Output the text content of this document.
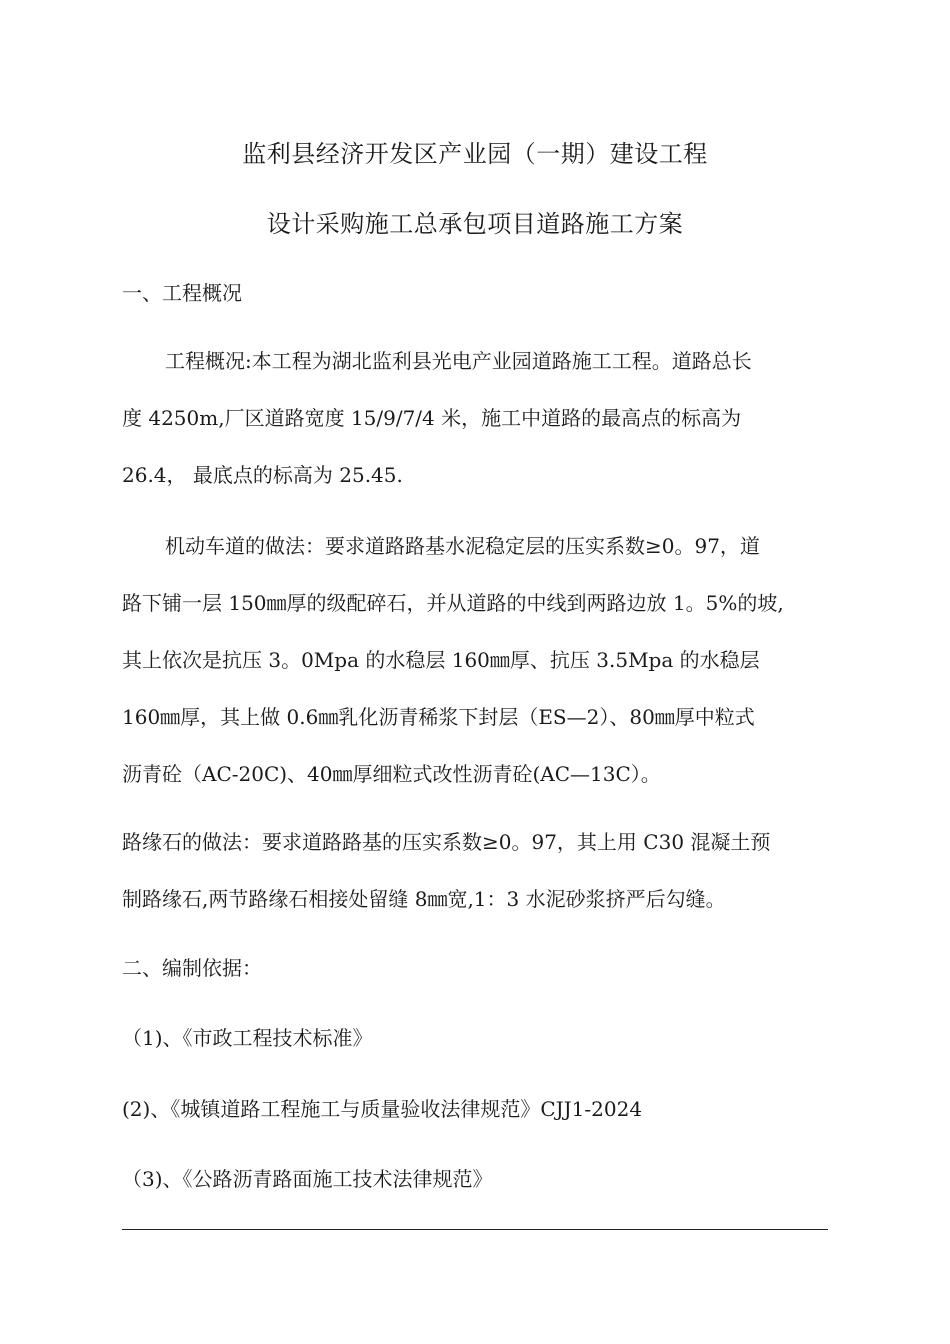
监利县经济开发区产业园（一期）建设工程
设计采购施工总承包项目道路施工方案
一、工程概况
工程概况:本工程为湖北监利县光电产业园道路施工工程。道路总长
度 4250m,厂区道路宽度 15/9/7/4 米，施工中道路的最高点的标高为
26.4， 最底点的标高为 25.45.
机动车道的做法：要求道路路基水泥稳定层的压实系数≥0。97，道
路下铺一层 150㎜厚的级配碎石，并从道路的中线到两路边放 1。5%的坡,
其上依次是抗压 3。0Mpa 的水稳层 160㎜厚、抗压 3.5Mpa 的水稳层
160㎜厚，其上做 0.6㎜乳化沥青稀浆下封层（ES—2）、80㎜厚中粒式
沥青砼（AC-20C)、40㎜厚细粒式改性沥青砼(AC—13C）。
路缘石的做法：要求道路路基的压实系数≥0。97，其上用 C30 混凝土预
制路缘石,两节路缘石相接处留缝 8㎜宽,1：3 水泥砂浆挤严后勾缝。
二、编制依据：
（1)、《市政工程技术标准》
(2)、《城镇道路工程施工与质量验收法律规范》CJJ1-2024
（3)、《公路沥青路面施工技术法律规范》
